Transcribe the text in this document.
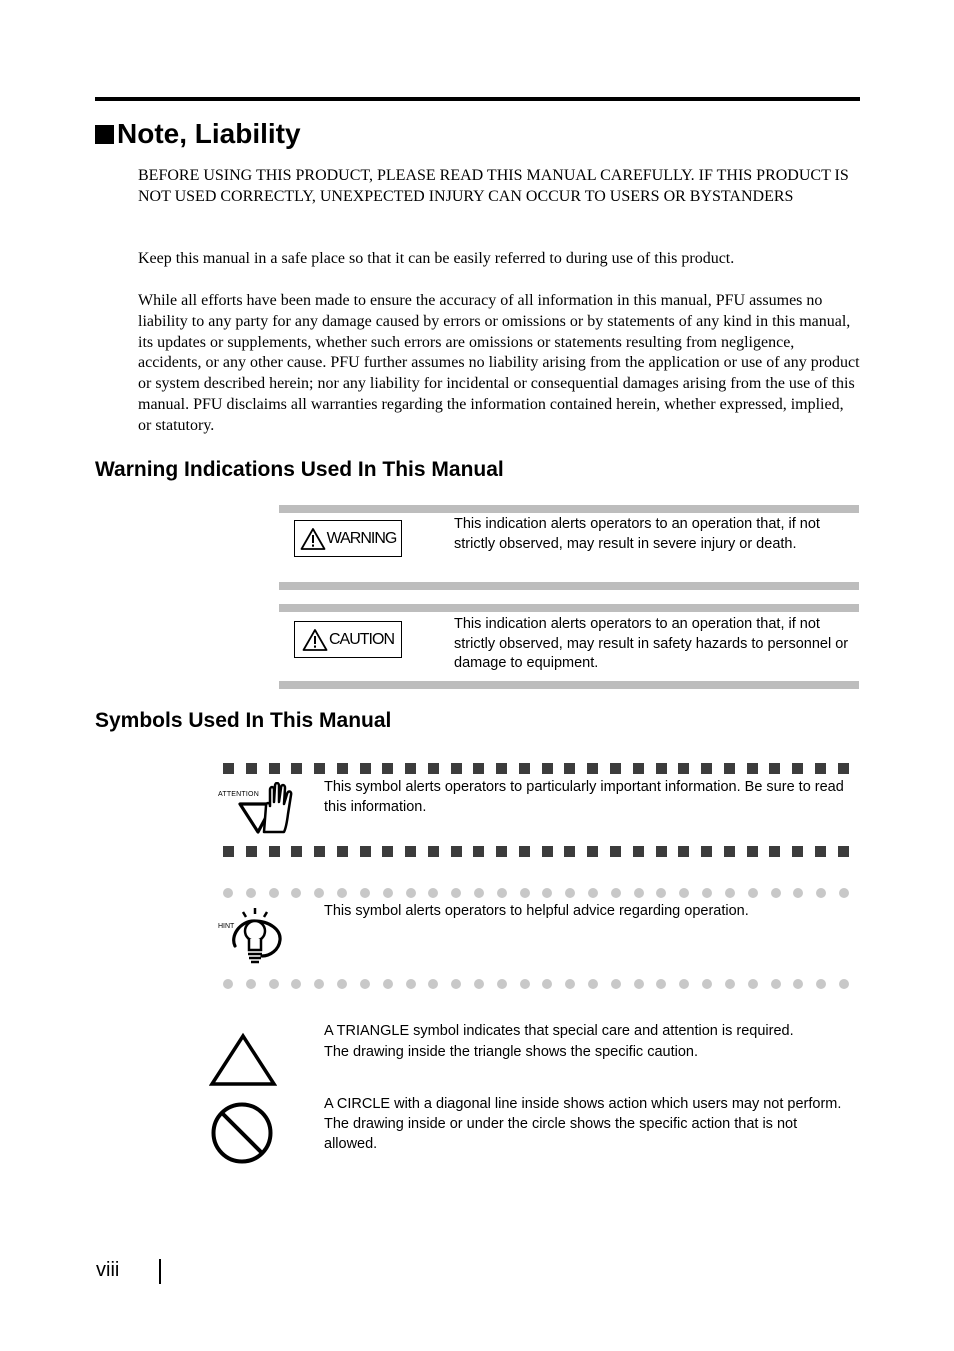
Note, Liability
BEFORE USING THIS PRODUCT, PLEASE READ THIS MANUAL CAREFULLY. IF THIS PRODUCT IS NOT USED CORRECTLY, UNEXPECTED INJURY CAN OCCUR TO USERS OR BYSTANDERS
Keep this manual in a safe place so that it can be easily referred to during use of this product.
While all efforts have been made to ensure the accuracy of all information in this manual, PFU assumes no liability to any party for any damage caused by errors or omissions or by statements of any kind in this manual, its updates or supplements, whether such errors are omissions or statements resulting from negligence, accidents, or any other cause. PFU further assumes no liability arising from the application or use of any product or system described herein; nor any liability for incidental or consequential damages arising from the use of this manual. PFU disclaims all warranties regarding the information contained herein, whether expressed, implied, or statutory.
Warning Indications Used In This Manual
WARNING
This indication alerts operators to an operation that, if not strictly observed, may result in severe injury or death.
CAUTION
This indication alerts operators to an operation that, if not strictly observed, may result in safety hazards to personnel or damage to equipment.
Symbols Used In This Manual
ATTENTION	This symbol alerts operators to particularly important information. Be sure to read this information.
HINT
This symbol alerts operators to helpful advice regarding operation.
A TRIANGLE symbol indicates that special care and attention is required.
The drawing inside the triangle shows the specific caution.
A CIRCLE with a diagonal line inside shows action which users may not perform.
The drawing inside or under the circle shows the specific action that is not allowed.
viii
